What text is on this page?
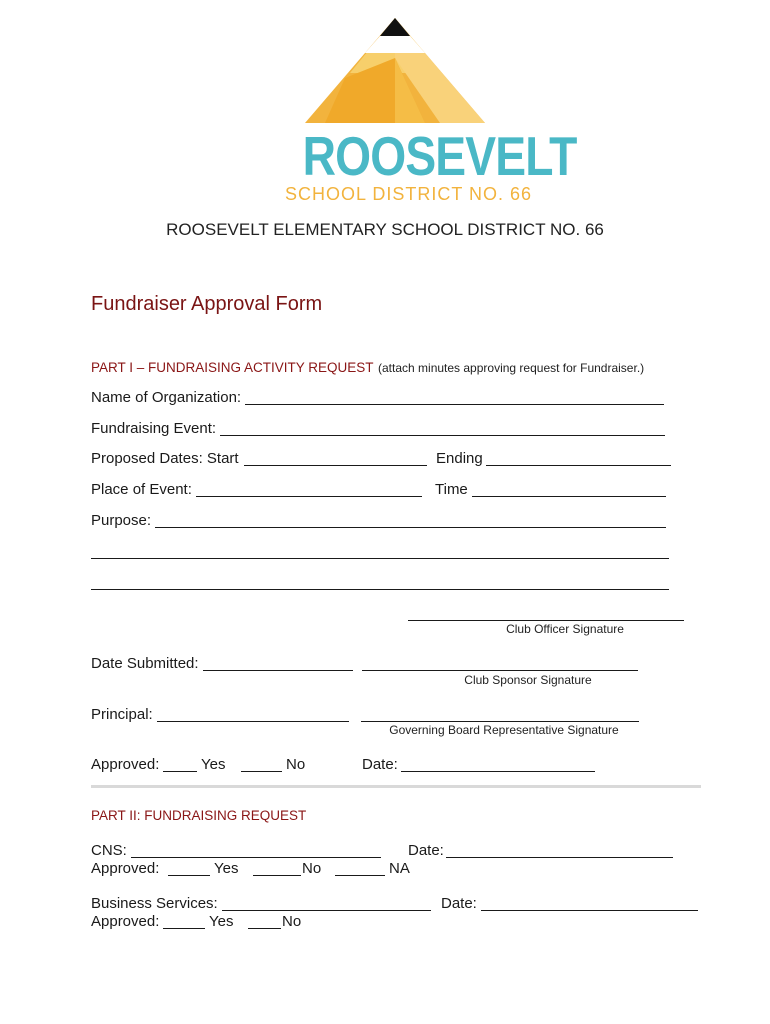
ROOSEVELT
SCHOOL DISTRICT NO. 66
ROOSEVELT ELEMENTARY SCHOOL DISTRICT NO. 66
Fundraiser Approval Form
PART I – FUNDRAISING ACTIVITY REQUEST (attach minutes approving request for Fundraiser.)
Name of Organization:
Fundraising Event:
Proposed Dates: Start	Ending
Place of Event:	Time
Purpose:
Club Officer Signature
Date Submitted:
Club Sponsor Signature
Principal:
Governing Board Representative Signature
Approved:	Yes	No	Date:
PART II: FUNDRAISING REQUEST
CNS:	Date:
Approved:	Yes	No	NA
Business Services:	Date:
Approved:	Yes	No
